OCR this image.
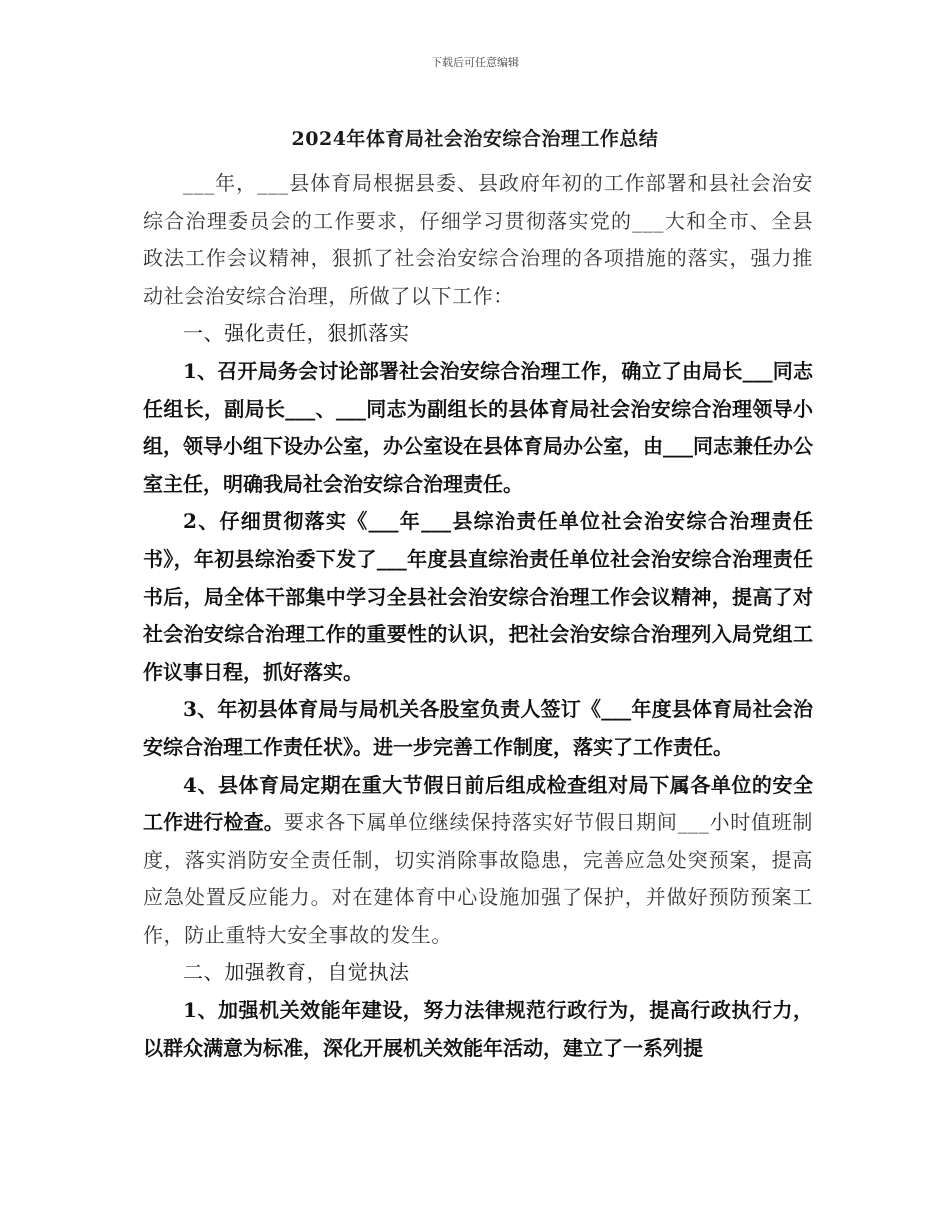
下载后可任意编辑
2024年体育局社会治安综合治理工作总结

___年，___县体育局根据县委、县政府年初的工作部署和县社会治安综合治理委员会的工作要求，仔细学习贯彻落实党的___大和全市、全县政法工作会议精神，狠抓了社会治安综合治理的各项措施的落实，强力推动社会治安综合治理，所做了以下工作：

一、强化责任，狠抓落实

1、召开局务会讨论部署社会治安综合治理工作，确立了由局长___同志任组长，副局长___、___同志为副组长的县体育局社会治安综合治理领导小组，领导小组下设办公室，办公室设在县体育局办公室，由___同志兼任办公室主任，明确我局社会治安综合治理责任。

2、仔细贯彻落实《___年___县综治责任单位社会治安综合治理责任书》，年初县综治委下发了___年度县直综治责任单位社会治安综合治理责任书后，局全体干部集中学习全县社会治安综合治理工作会议精神，提高了对社会治安综合治理工作的重要性的认识，把社会治安综合治理列入局党组工作议事日程，抓好落实。

3、年初县体育局与局机关各股室负责人签订《___年度县体育局社会治安综合治理工作责任状》。进一步完善工作制度，落实了工作责任。

4、县体育局定期在重大节假日前后组成检查组对局下属各单位的安全工作进行检查。要求各下属单位继续保持落实好节假日期间___小时值班制度，落实消防安全责任制，切实消除事故隐患，完善应急处突预案，提高应急处置反应能力。对在建体育中心设施加强了保护，并做好预防预案工作，防止重特大安全事故的发生。

二、加强教育，自觉执法

1、加强机关效能年建设，努力法律规范行政行为，提高行政执行力，以群众满意为标准，深化开展机关效能年活动，建立了一系列提
